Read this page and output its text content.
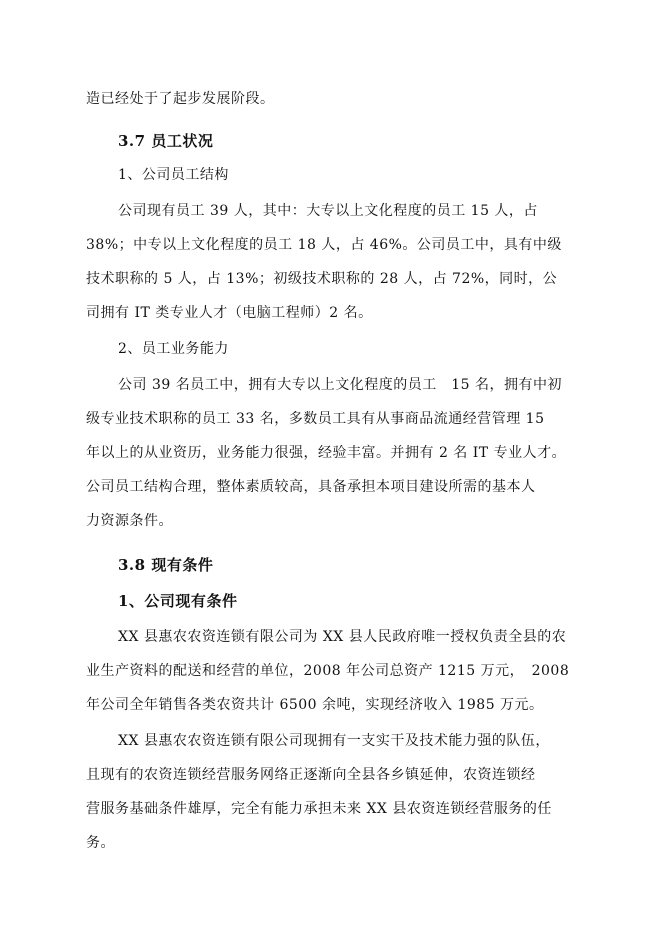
造已经处于了起步发展阶段。
3.7 员工状况
1、公司员工结构
公司现有员工 39 人，其中：大专以上文化程度的员工 15 人，占
38%；中专以上文化程度的员工 18 人，占 46%。公司员工中，具有中级
技术职称的 5 人，占 13%；初级技术职称的 28 人，占 72%，同时，公
司拥有 IT 类专业人才（电脑工程师）2 名。
2、员工业务能力
公司 39 名员工中，拥有大专以上文化程度的员工　15 名，拥有中初
级专业技术职称的员工 33 名，多数员工具有从事商品流通经营管理 15
年以上的从业资历，业务能力很强，经验丰富。并拥有 2 名 IT 专业人才。
公司员工结构合理，整体素质较高，具备承担本项目建设所需的基本人
力资源条件。
3.8 现有条件
1、公司现有条件
XX 县惠农农资连锁有限公司为 XX 县人民政府唯一授权负责全县的农
业生产资料的配送和经营的单位，2008 年公司总资产 1215 万元，　2008
年公司全年销售各类农资共计 6500 余吨，实现经济收入 1985 万元。
XX 县惠农农资连锁有限公司现拥有一支实干及技术能力强的队伍，
且现有的农资连锁经营服务网络正逐渐向全县各乡镇延伸，农资连锁经
营服务基础条件雄厚，完全有能力承担未来 XX 县农资连锁经营服务的任
务。
